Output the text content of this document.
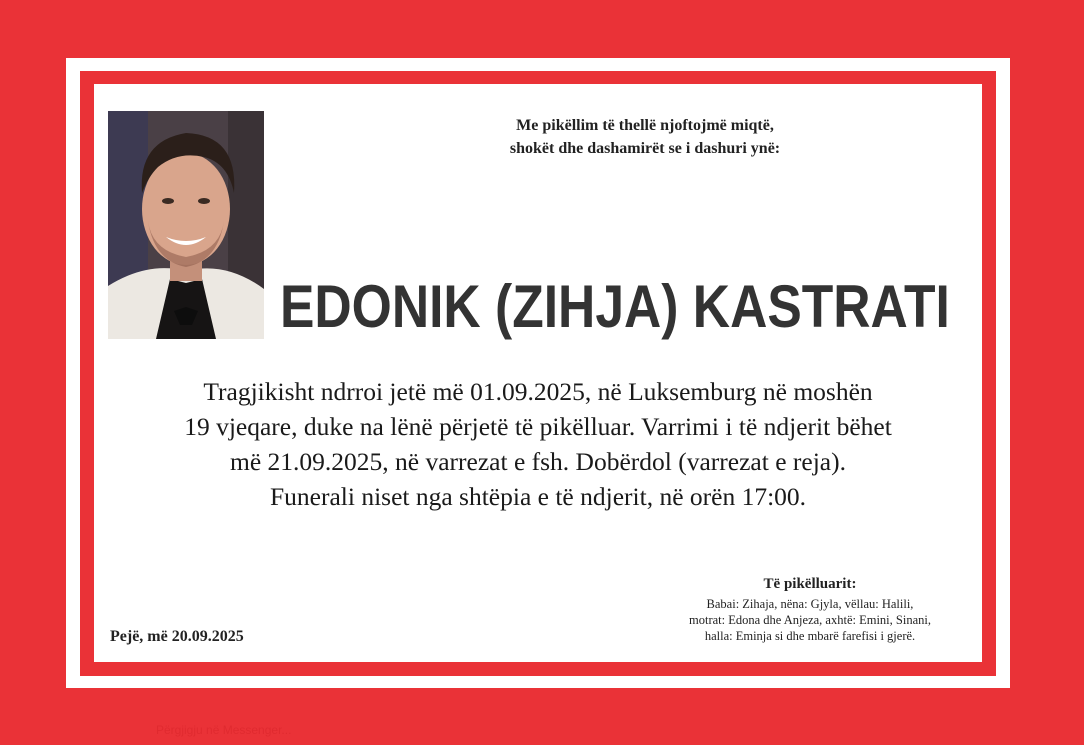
Me pikëllim të thellë njoftojmë miqtë,
shokët dhe dashamirët se i dashuri ynë:
EDONIK (ZIHJA) KASTRATI
Tragjikisht ndrroi jetë më 01.09.2025, në Luksemburg në moshën
19 vjeqare, duke na lënë përjetë të pikëlluar. Varrimi i të ndjerit bëhet
më 21.09.2025, në varrezat e fsh. Dobërdol (varrezat e reja).
Funerali niset nga shtëpia e të ndjerit, në orën 17:00.
Të pikëlluarit:
Babai: Zihaja, nëna: Gjyla, vëllau: Halili,
motrat: Edona dhe Anjeza, axhtë: Emini, Sinani,
halla: Eminja si dhe mbarë farefisi i gjerë.
Pejë, më 20.09.2025
Përgjigju në Messenger...
